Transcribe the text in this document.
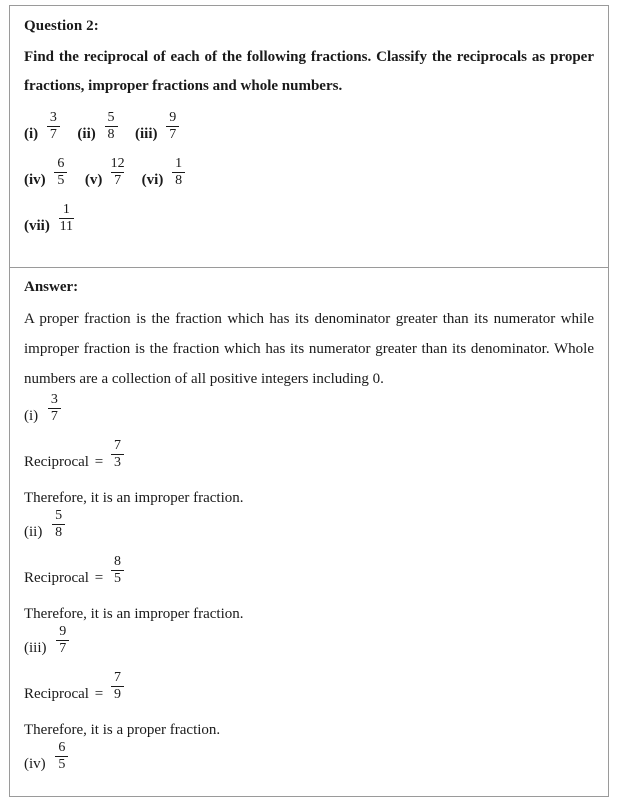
Question 2:
Find the reciprocal of each of the following fractions. Classify the reciprocals as proper fractions, improper fractions and whole numbers.
$(i) \frac{3}{7} (ii) \frac{5}{8} (iii) \frac{9}{7}$
$(iv) \frac{6}{5} (v) \frac{12}{7} (vi) \frac{1}{8}$
$(vii) \frac{1}{11}$
Answer:
A proper fraction is the fraction which has its denominator greater than its numerator while improper fraction is the fraction which has its numerator greater than its denominator. Whole numbers are a collection of all positive integers including 0.
$(i) \frac{3}{7}$
Reciprocal = $\frac{7}{3}$
Therefore, it is an improper fraction.
$(ii) \frac{5}{8}$
Reciprocal = $\frac{8}{5}$
Therefore, it is an improper fraction.
$(iii) \frac{9}{7}$
Reciprocal = $\frac{7}{9}$
Therefore, it is a proper fraction.
$(iv) \frac{6}{5}$
